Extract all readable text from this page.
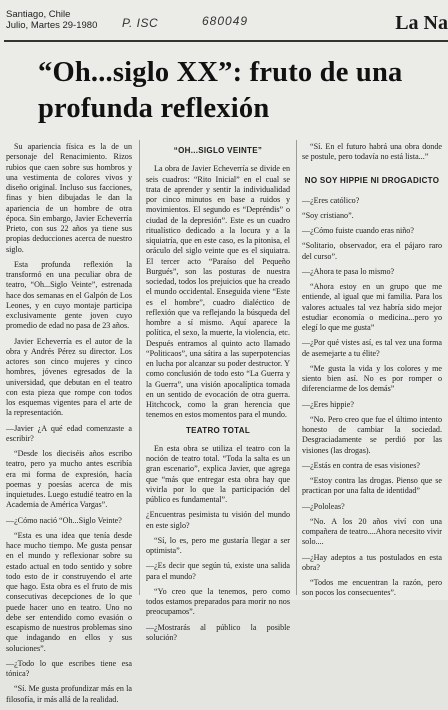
Santiago, Chile
Julio, Martes 29-1980 P. ISC	680049	La Na
“Oh...siglo XX”: fruto de una profunda reflexión

Su apariencia física es la de un personaje del Renacimiento. Rizos rubios que caen sobre sus hombros y una vestimenta de colores vivos y diseño original. Incluso sus facciones, finas y bien dibujadas le dan la apariencia de un hombre de otra época. Sin embargo, Javier Echeverría Prieto, con sus 22 años ya tiene sus propias deducciones acerca de nuestro siglo.

Esta profunda reflexión la transformó en una peculiar obra de teatro, “Oh...Siglo Veinte”, estrenada hace dos semanas en el Galpón de Los Leones, y en cuyo montaje participa exclusivamente gente joven cuyo promedio de edad no pasa de 23 años.

Javier Echeverría es el autor de la obra y Andrés Pérez su director. Los actores son cinco mujeres y cinco hombres, jóvenes egresados de la universidad, que debutan en el teatro con esta pieza que rompe con todos los esquemas vigentes para el arte de la representación.

—Javier ¿A qué edad comenzaste a escribir?

“Desde los dieciséis años escribo teatro, pero ya mucho antes escribía era mi forma de expresión, hacía poemas y poesías acerca de mis inquietudes. Luego estudié teatro en la Academia de América Vargas”.

—¿Cómo nació “Oh...Siglo Veinte?

“Esta es una idea que tenía desde hace mucho tiempo. Me gusta pensar en el mundo y reflexionar sobre su estado actual en todo sentido y sobre todo esto de ir construyendo el arte que hago. Esta obra es el fruto de mis consecutivas decepciones de lo que puede hacer uno en teatro. Uno no debe ser entendido como evasión o escapismo de nuestros problemas sino que indagando en ellos y sus soluciones”.

—¿Todo lo que escribes tiene esa tónica?

“Sí. Me gusta profundizar más en la filosofía, ir más allá de la realidad.

“OH...SIGLO VEINTE”

La obra de Javier Echeverría se divide en seis cuadros: “Rito Inicial” en el cual se trata de aprender y sentir la individualidad por cinco minutos en base a ruidos y movimientos. El segundo es “Depréndis” o ciudad de la depresión”. Este es un cuadro ritualístico dedicado a la locura y a la siquiatría, que en este caso, es la pitonisa, el oráculo del siglo veinte que es el siquiatra. El tercer acto “Paraíso del Pequeño Burgués”, son las posturas de nuestra sociedad, todos los prejuicios que ha creado el mundo occidental. Enseguida viene “Este es el hombre”, cuadro dialéctico de reflexión que va reflejando la búsqueda del hombre a sí mismo. Aquí aparece la política, el sexo, la muerte, la violencia, etc. Después entramos al quinto acto llamado “Politicaos”, una sátira a las superpotencias en lucha por alcanzar su poder destructor. Y como conclusión de todo esto “La Guerra y la Guerra”, una visión apocalíptica tomada en un sentido de evocación de otra guerra. Hitchcock, como la gran herencia que tenemos en estos momentos para el mundo.

TEATRO TOTAL

En esta obra se utiliza el teatro con la noción de teatro total. “Toda la salta es un gran escenario”, explica Javier, que agrega que “más que entregar esta obra hay que vivirla por lo que la participación del público es fundamental”.

¿Encuentras pesimista tu visión del mundo en este siglo?

“Sí, lo es, pero me gustaría llegar a ser optimista”.

—¿Es decir que según tú, existe una salida para el mundo?

“Yo creo que la tenemos, pero como todos estamos preparados para morir no nos preocupamos”.

—¿Mostrarás al público la posible solución?

“Sí. En el futuro habrá una obra donde se postule, pero todavía no está lista...”

NO SOY HIPPIE NI DROGADICTO

—¿Eres católico?

“Soy cristiano”.

—¿Cómo fuiste cuando eras niño?

“Solitario, observador, era el pájaro raro del curso”.

—¿Ahora te pasa lo mismo?

“Ahora estoy en un grupo que me entiende, al igual que mi familia. Para los valores actuales tal vez habría sido mejor estudiar economía o medicina...pero yo elegí lo que me gusta”

—¿Por qué vistes así, es tal vez una forma de asemejarte a tu élite?

“Me gusta la vida y los colores y me siento bien así. No es por romper o diferenciarme de los demás”

—¿Eres hippie?

“No. Pero creo que fue el último intento honesto de cambiar la sociedad. Desgraciadamente se perdió por las visiones (las drogas).

—¿Estás en contra de esas visiones?

“Estoy contra las drogas. Pienso que se practican por una falta de identidad”

—¿Pololeas?

“No. A los 20 años viví con una compañera de teatro....Ahora necesito vivir solo....

—¿Hay adeptos a tus postulados en esta obra?

“Todos me encuentran la razón, pero son pocos los consecuentes”.
